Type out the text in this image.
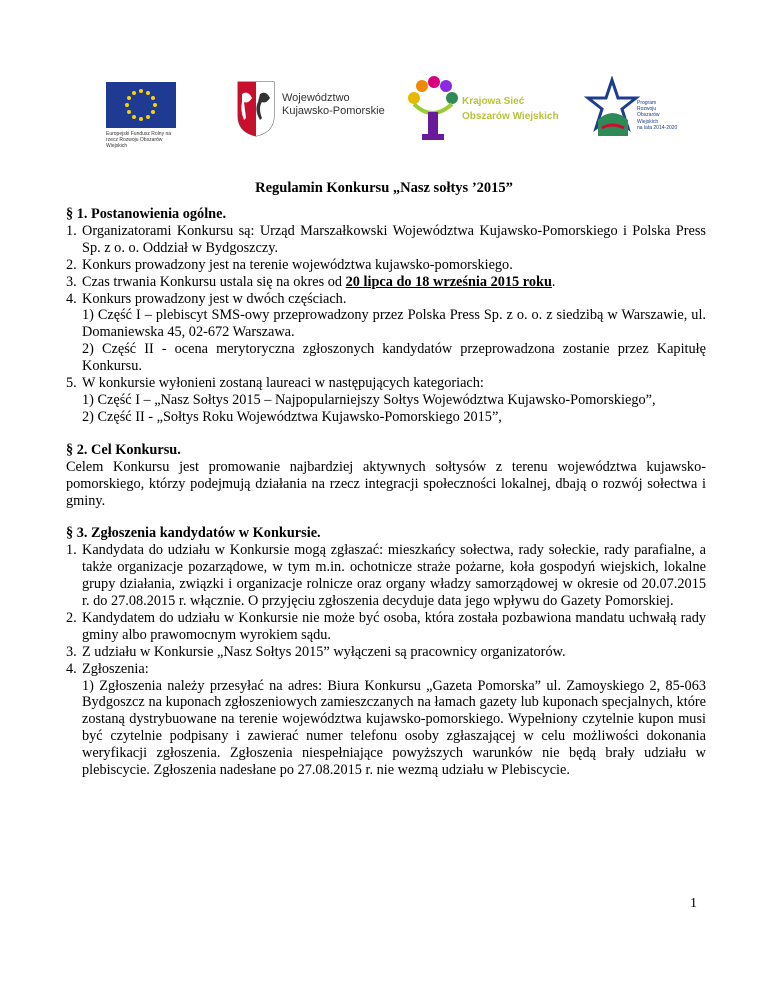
Europejski Fundusz Rolny na rzecz Rozwoju Obszarów Wiejskich
Województwo
Kujawsko-Pomorskie
Krajowa Sieć
Obszarów Wiejskich
Program
Rozwoju
Obszarów
Wiejskich
na lata 2014-2020
Regulamin Konkursu „Nasz sołtys ’2015”

§ 1. Postanowienia ogólne.

1. Organizatorami Konkursu są: Urząd Marszałkowski Województwa Kujawsko-Pomorskiego i Polska Press Sp. z o. o. Oddział w Bydgoszczy.
2. Konkurs prowadzony jest na terenie województwa kujawsko-pomorskiego.
3. Czas trwania Konkursu ustala się na okres od 20 lipca do 18 września 2015 roku.
4. Konkurs prowadzony jest w dwóch częściach.
1) Część I – plebiscyt SMS-owy przeprowadzony przez Polska Press Sp. z o. o. z siedzibą w Warszawie, ul. Domaniewska 45, 02-672 Warszawa.
2) Część II - ocena merytoryczna zgłoszonych kandydatów przeprowadzona zostanie przez Kapitułę Konkursu.
5. W konkursie wyłonieni zostaną laureaci w następujących kategoriach:
1) Część I – „Nasz Sołtys 2015 – Najpopularniejszy Sołtys Województwa Kujawsko-Pomorskiego”,
2) Część II - „Sołtys Roku Województwa Kujawsko-Pomorskiego 2015”,

§ 2. Cel Konkursu.

Celem Konkursu jest promowanie najbardziej aktywnych sołtysów z terenu województwa kujawsko-pomorskiego, którzy podejmują działania na rzecz integracji społeczności lokalnej, dbają o rozwój sołectwa i gminy.

§ 3. Zgłoszenia kandydatów w Konkursie.

1. Kandydata do udziału w Konkursie mogą zgłaszać: mieszkańcy sołectwa, rady sołeckie, rady parafialne, a także organizacje pozarządowe, w tym m.in. ochotnicze straże pożarne, koła gospodyń wiejskich, lokalne grupy działania, związki i organizacje rolnicze oraz organy władzy samorządowej w okresie od 20.07.2015 r. do 27.08.2015 r. włącznie. O przyjęciu zgłoszenia decyduje data jego wpływu do Gazety Pomorskiej.
2. Kandydatem do udziału w Konkursie nie może być osoba, która została pozbawiona mandatu uchwałą rady gminy albo prawomocnym wyrokiem sądu.
3. Z udziału w Konkursie „Nasz Sołtys 2015” wyłączeni są pracownicy organizatorów.
4. Zgłoszenia:
1) Zgłoszenia należy przesyłać na adres: Biura Konkursu „Gazeta Pomorska” ul. Zamoyskiego 2, 85-063 Bydgoszcz na kuponach zgłoszeniowych zamieszczanych na łamach gazety lub kuponach specjalnych, które zostaną dystrybuowane na terenie województwa kujawsko-pomorskiego. Wypełniony czytelnie kupon musi być czytelnie podpisany i zawierać numer telefonu osoby zgłaszającej w celu możliwości dokonania weryfikacji zgłoszenia. Zgłoszenia niespełniające powyższych warunków nie będą brały udziału w plebiscycie. Zgłoszenia nadesłane po 27.08.2015 r. nie wezmą udziału w Plebiscycie.
1
